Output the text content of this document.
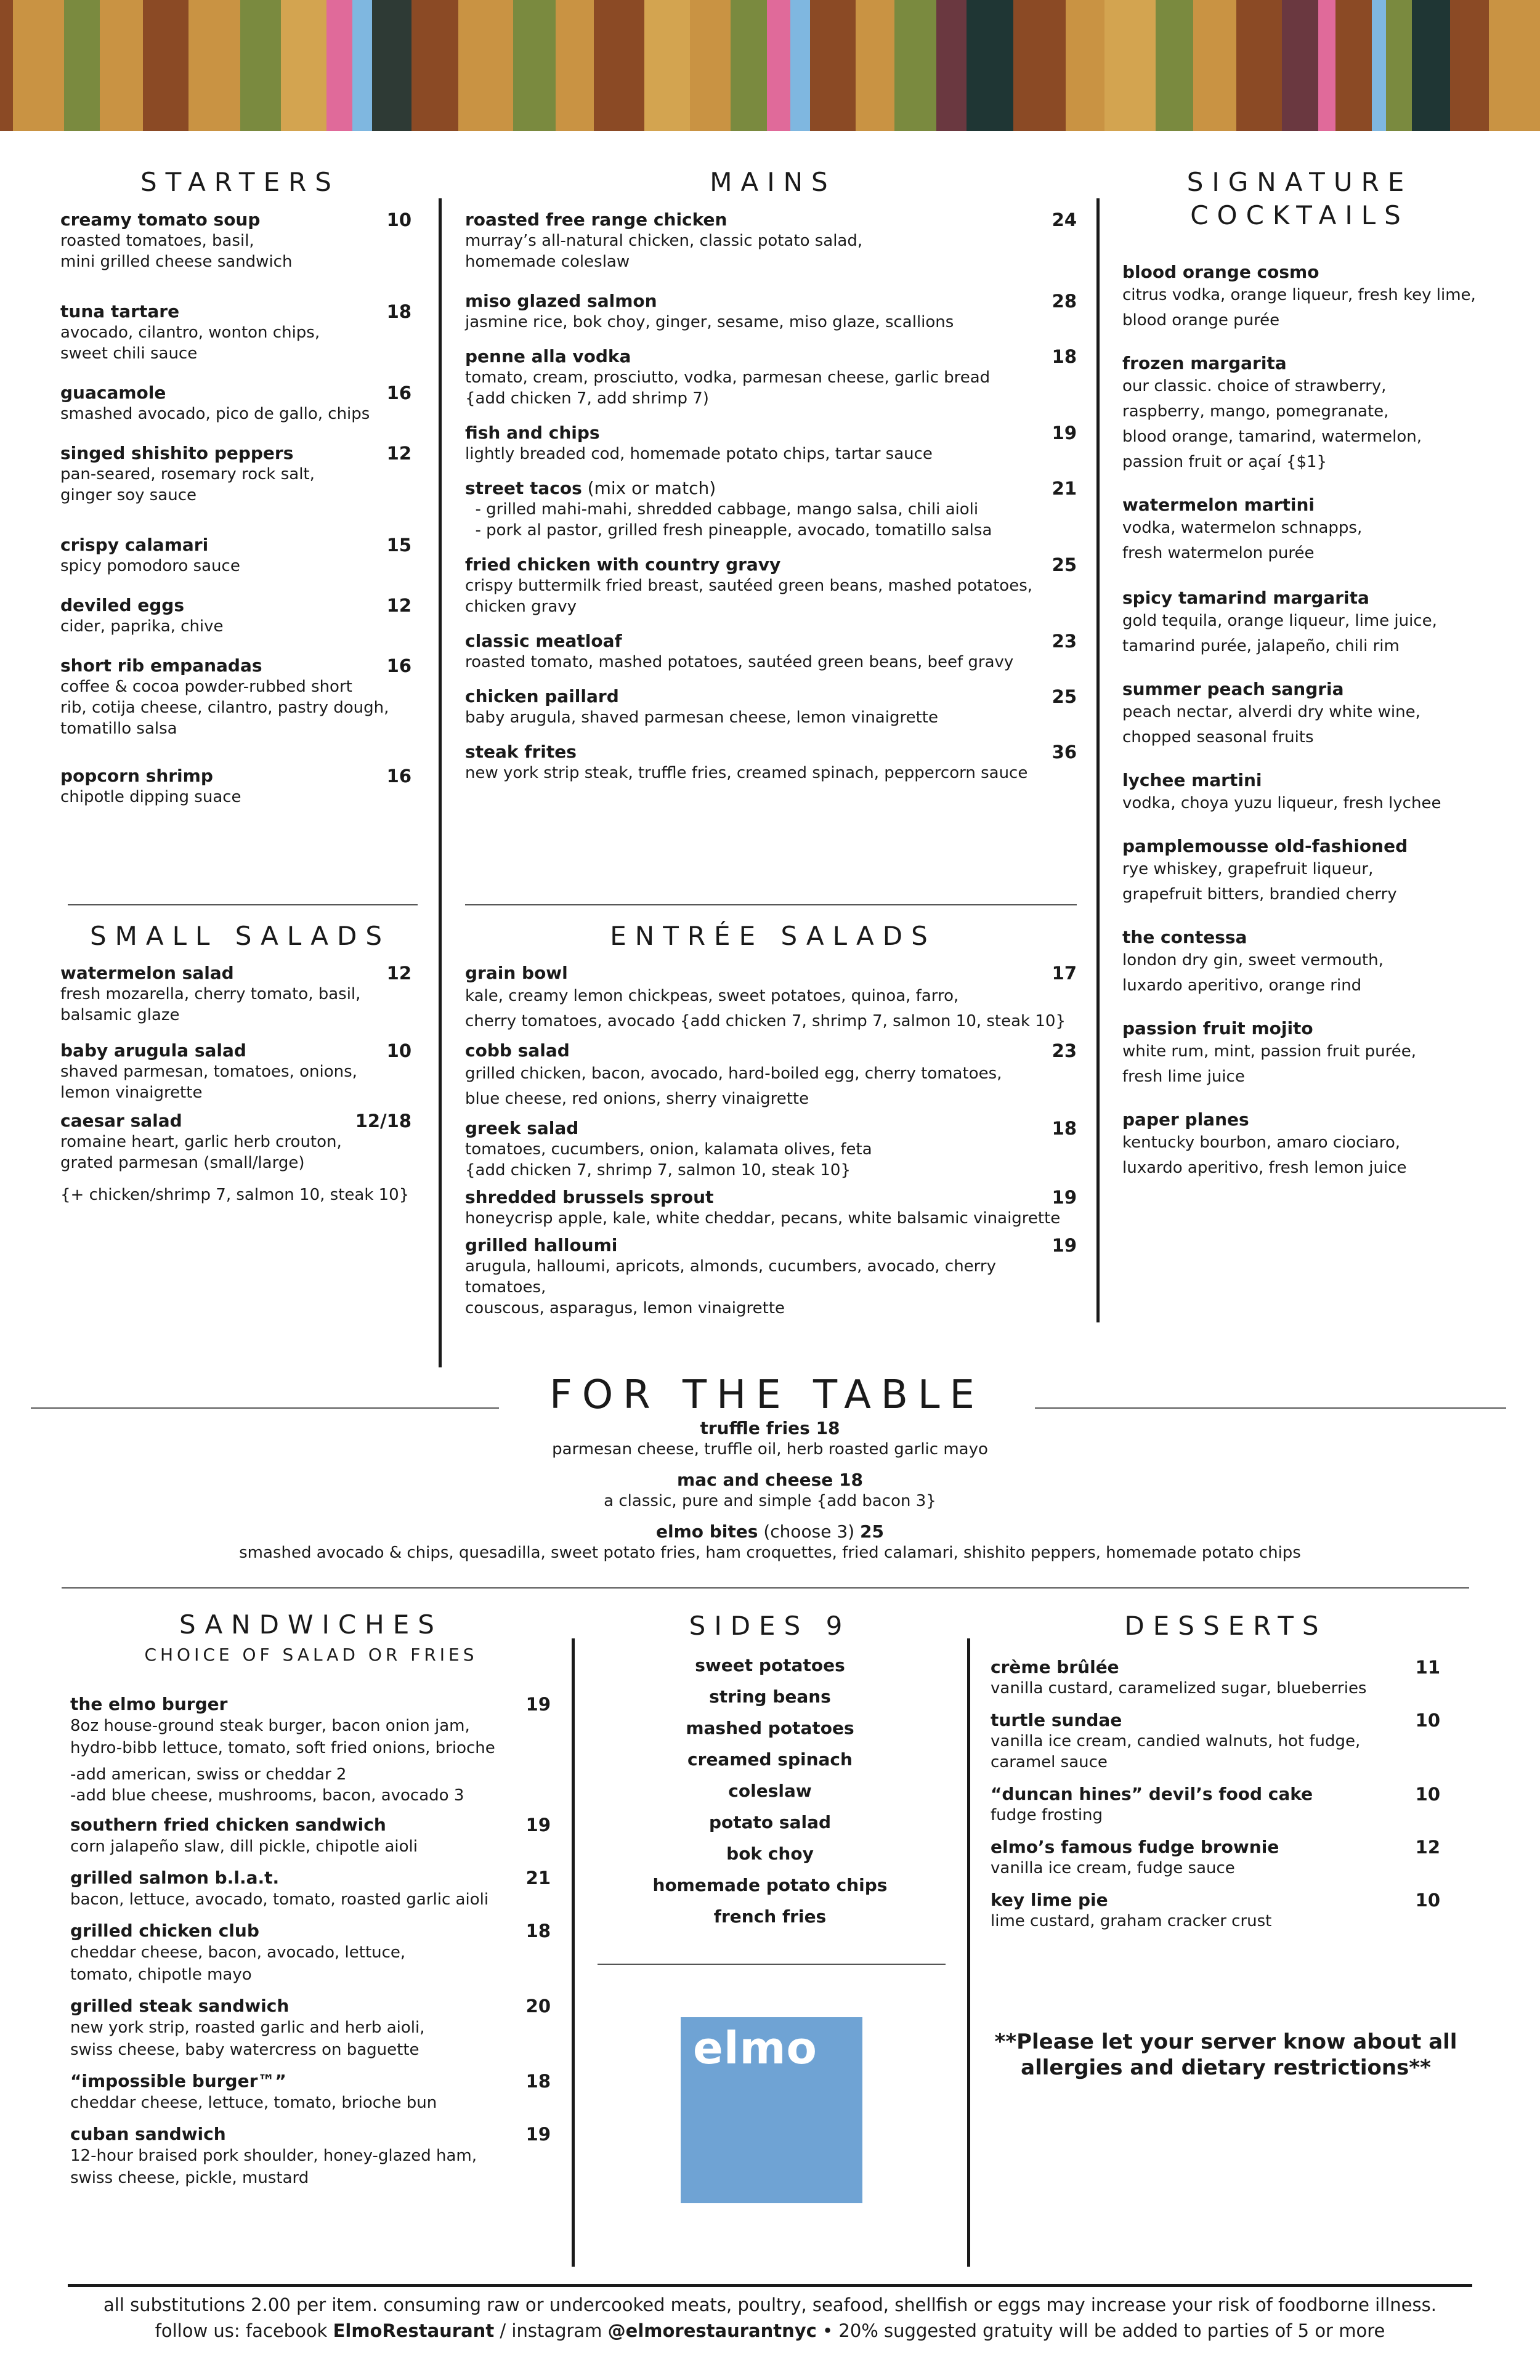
STARTERS
creamy tomato soup	10
roasted tomatoes, basil,
mini grilled cheese sandwich
tuna tartare	18
avocado, cilantro, wonton chips,
sweet chili sauce
guacamole	16
smashed avocado, pico de gallo, chips
singed shishito peppers	12
pan-seared, rosemary rock salt,
ginger soy sauce
crispy calamari	15
spicy pomodoro sauce
deviled eggs	12
cider, paprika, chive
short rib empanadas	16
coffee & cocoa powder-rubbed short
rib, cotija cheese, cilantro, pastry dough,
tomatillo salsa
popcorn shrimp	16
chipotle dipping suace
SMALL SALADS
watermelon salad	12
fresh mozarella, cherry tomato, basil,
balsamic glaze
baby arugula salad	10
shaved parmesan, tomatoes, onions,
lemon vinaigrette
caesar salad	12/18
romaine heart, garlic herb crouton,
grated parmesan (small/large)
{+ chicken/shrimp 7, salmon 10, steak 10}
MAINS
roasted free range chicken	24
murray’s all-natural chicken, classic potato salad,
homemade coleslaw
miso glazed salmon	28
jasmine rice, bok choy, ginger, sesame, miso glaze, scallions
penne alla vodka	18
tomato, cream, prosciutto, vodka, parmesan cheese, garlic bread
{add chicken 7, add shrimp 7)
fish and chips	19
lightly breaded cod, homemade potato chips, tartar sauce
street tacos (mix or match)	21
- grilled mahi-mahi, shredded cabbage, mango salsa, chili aioli
- pork al pastor, grilled fresh pineapple, avocado, tomatillo salsa
fried chicken with country gravy	25
crispy buttermilk fried breast, sautéed green beans, mashed potatoes,
chicken gravy
classic meatloaf	23
roasted tomato, mashed potatoes, sautéed green beans, beef gravy
chicken paillard	25
baby arugula, shaved parmesan cheese, lemon vinaigrette
steak frites	36
new york strip steak, truffle fries, creamed spinach, peppercorn sauce
ENTRÉE SALADS
grain bowl	17
kale, creamy lemon chickpeas, sweet potatoes, quinoa, farro,
cherry tomatoes, avocado {add chicken 7, shrimp 7, salmon 10, steak 10}
cobb salad	23
grilled chicken, bacon, avocado, hard-boiled egg, cherry tomatoes,
blue cheese, red onions, sherry vinaigrette
greek salad	18
tomatoes, cucumbers, onion, kalamata olives, feta
{add chicken 7, shrimp 7, salmon 10, steak 10}
shredded brussels sprout	19
honeycrisp apple, kale, white cheddar, pecans, white balsamic vinaigrette
grilled halloumi	19
arugula, halloumi, apricots, almonds, cucumbers, avocado, cherry tomatoes,
couscous, asparagus, lemon vinaigrette
SIGNATURE
COCKTAILS
blood orange cosmo
citrus vodka, orange liqueur, fresh key lime,
blood orange purée
frozen margarita
our classic. choice of strawberry,
raspberry, mango, pomegranate,
blood orange, tamarind, watermelon,
passion fruit or açaí {$1}
watermelon martini
vodka, watermelon schnapps,
fresh watermelon purée
spicy tamarind margarita
gold tequila, orange liqueur, lime juice,
tamarind purée, jalapeño, chili rim
summer peach sangria
peach nectar, alverdi dry white wine,
chopped seasonal fruits
lychee martini
vodka, choya yuzu liqueur, fresh lychee
pamplemousse old-fashioned
rye whiskey, grapefruit liqueur,
grapefruit bitters, brandied cherry
the contessa
london dry gin, sweet vermouth,
luxardo aperitivo, orange rind
passion fruit mojito
white rum, mint, passion fruit purée,
fresh lime juice
paper planes
kentucky bourbon, amaro ciociaro,
luxardo aperitivo, fresh lemon juice
FOR THE TABLE
truffle fries 18
parmesan cheese, truffle oil, herb roasted garlic mayo
mac and cheese 18
a classic, pure and simple {add bacon 3}
elmo bites (choose 3) 25
smashed avocado & chips, quesadilla, sweet potato fries, ham croquettes, fried calamari, shishito peppers, homemade potato chips
SANDWICHES
CHOICE OF SALAD OR FRIES
the elmo burger	19
8oz house-ground steak burger, bacon onion jam,
hydro-bibb lettuce, tomato, soft fried onions, brioche
-add american, swiss or cheddar 2
-add blue cheese, mushrooms, bacon, avocado 3
southern fried chicken sandwich	19
corn jalapeño slaw, dill pickle, chipotle aioli
grilled salmon b.l.a.t.	21
bacon, lettuce, avocado, tomato, roasted garlic aioli
grilled chicken club	18
cheddar cheese, bacon, avocado, lettuce,
tomato, chipotle mayo
grilled steak sandwich	20
new york strip, roasted garlic and herb aioli,
swiss cheese, baby watercress on baguette
“impossible burger™”	18
cheddar cheese, lettuce, tomato, brioche bun
cuban sandwich	19
12-hour braised pork shoulder, honey-glazed ham,
swiss cheese, pickle, mustard
SIDES 9
sweet potatoes
string beans
mashed potatoes
creamed spinach
coleslaw
potato salad
bok choy
homemade potato chips
french fries
elmo
DESSERTS
crème brûlée	11
vanilla custard, caramelized sugar, blueberries
turtle sundae	10
vanilla ice cream, candied walnuts, hot fudge,
caramel sauce
“duncan hines” devil’s food cake	10
fudge frosting
elmo’s famous fudge brownie	12
vanilla ice cream, fudge sauce
key lime pie	10
lime custard, graham cracker crust
**Please let your server know about all
allergies and dietary restrictions**
all substitutions 2.00 per item. consuming raw or undercooked meats, poultry, seafood, shellfish or eggs may increase your risk of foodborne illness.
follow us: facebook ElmoRestaurant / instagram @elmorestaurantnyc • 20% suggested gratuity will be added to parties of 5 or more
